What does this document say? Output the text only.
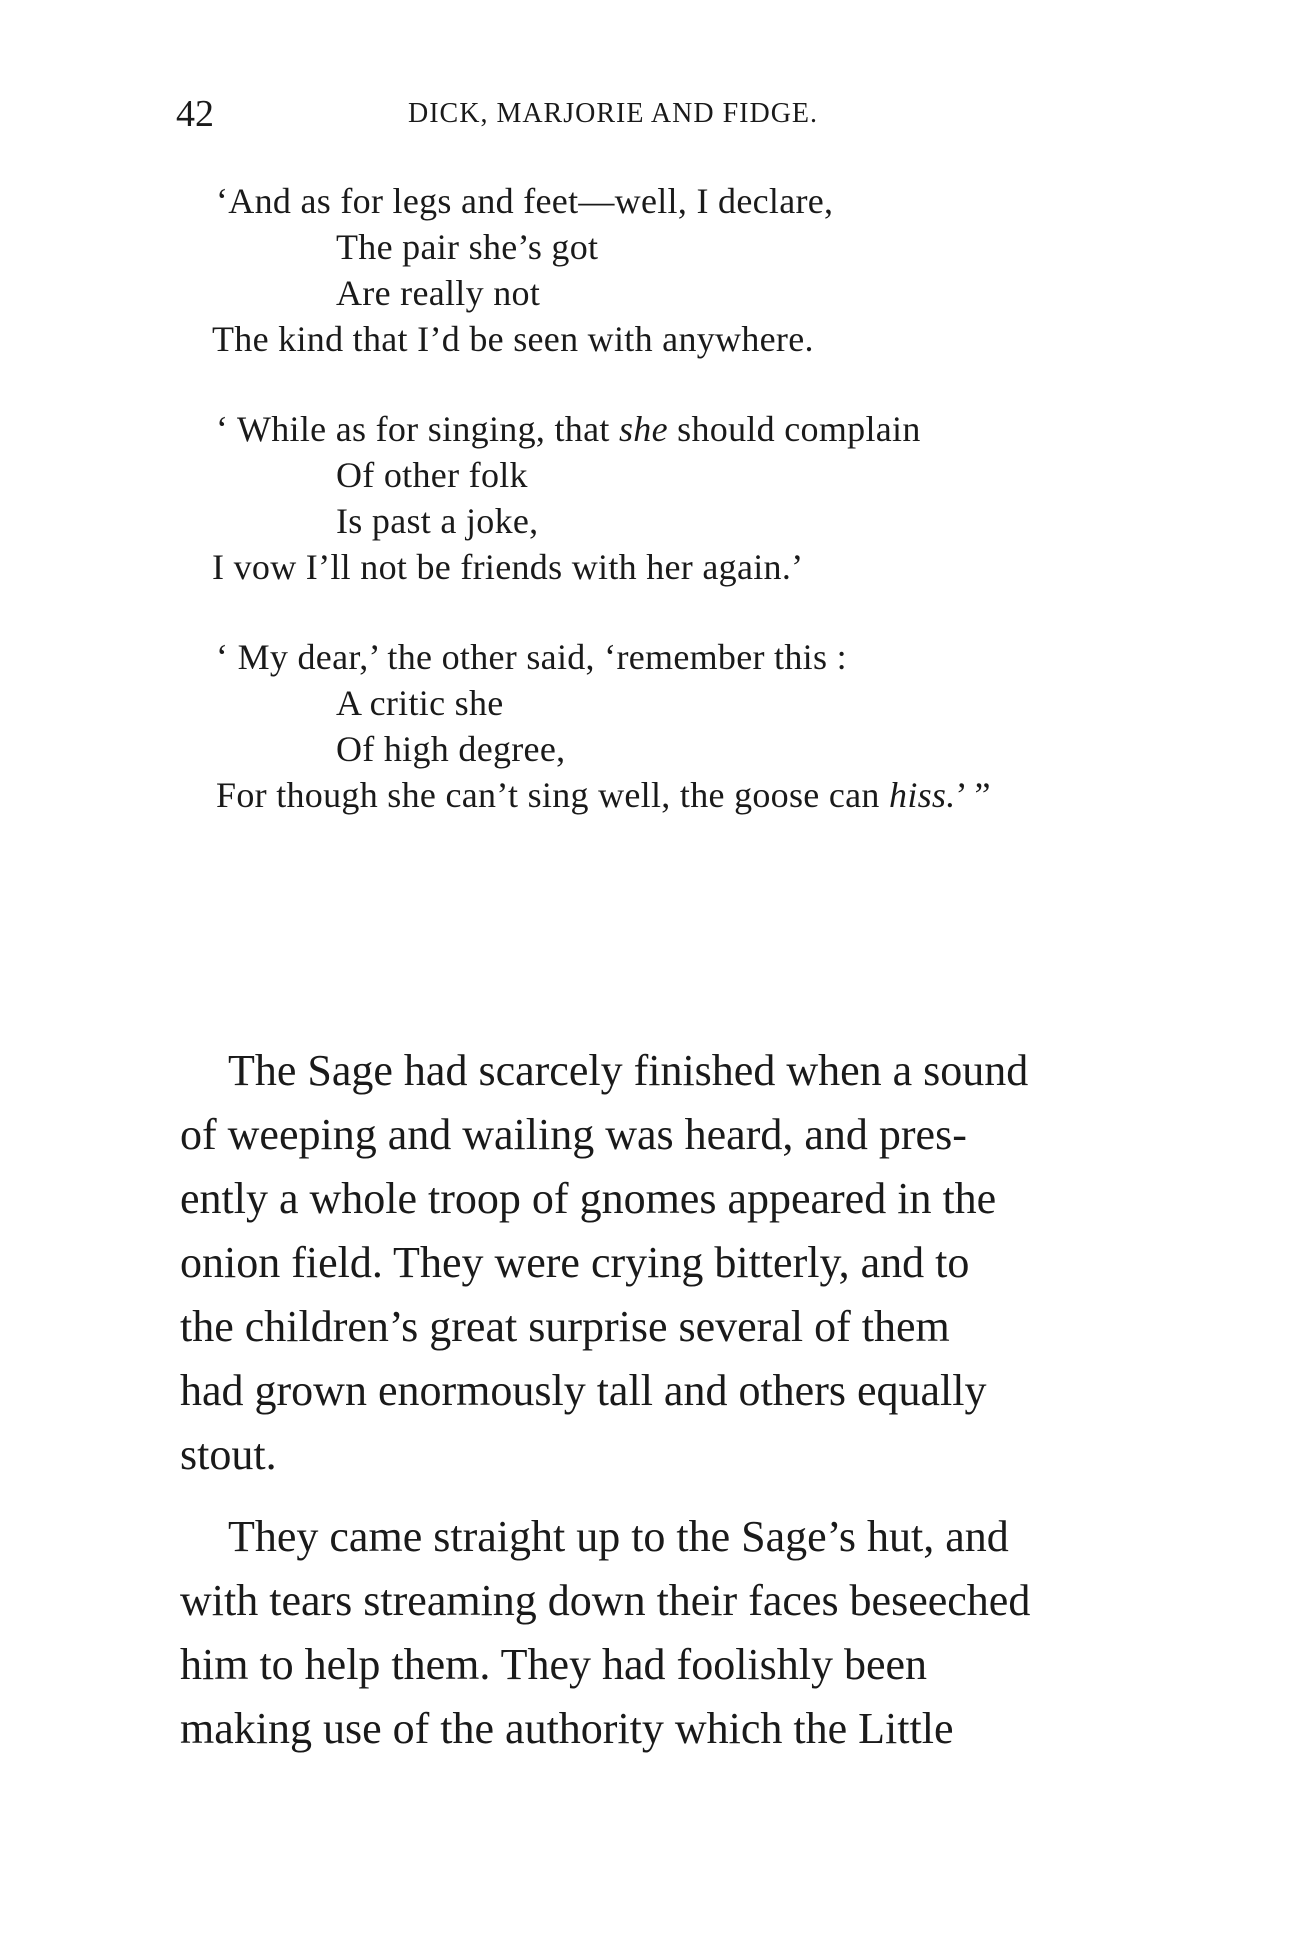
42	DICK, MARJORIE AND FIDGE.
‘And as for legs and feet—well, I declare,
The pair she’s got
Are really not
The kind that I’d be seen with anywhere.
‘ While as for singing, that she should complain
Of other folk
Is past a joke,
I vow I’ll not be friends with her again.’
‘ My dear,’ the other said, ‘remember this :
A critic she
Of high degree,
For though she can’t sing well, the goose can hiss.’ ”
The Sage had scarcely finished when a sound
of weeping and wailing was heard, and pres-
ently a whole troop of gnomes appeared in the
onion field. They were crying bitterly, and to
the children’s great surprise several of them
had grown enormously tall and others equally
stout.
They came straight up to the Sage’s hut, and
with tears streaming down their faces beseeched
him to help them. They had foolishly been
making use of the authority which the Little
